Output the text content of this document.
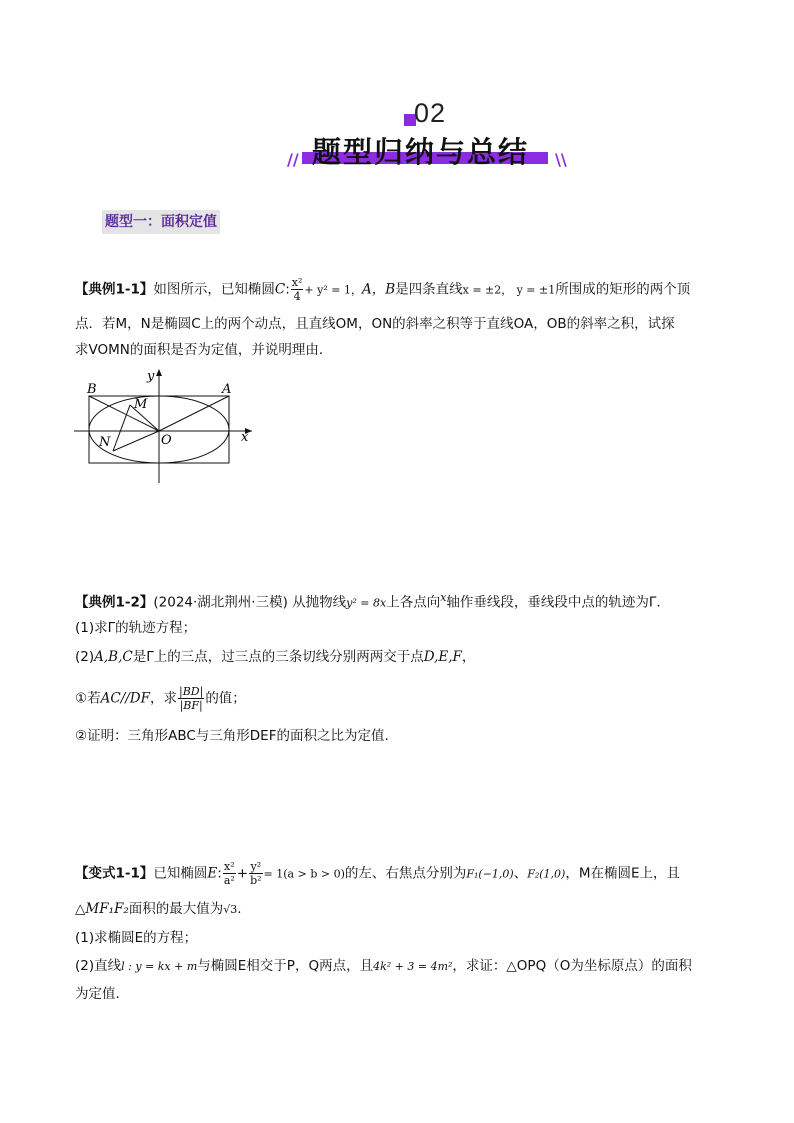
02
题型归纳与总结
//	\\
题型一：面积定值
【典例1-1】如图所示，已知椭圆C: $\frac{\text{x²}}{4} + y^2 = 1$，A，B是四条直线x = ±2， y = ±1所围成的矩形的两个顶
点．若M，N是椭圆C上的两个动点，且直线OM，ON的斜率之积等于直线OA，OB的斜率之积，试探
求VOMN的面积是否为定值，并说明理由．
B	A
M
N	O	x
y
【典例1-2】(2024·湖北荆州·三模) 从抛物线y² = 8x上各点向$^x$轴作垂线段，垂线段中点的轨迹为Γ．
(1)求Γ的轨迹方程；
(2)A,B,C是Γ上的三点，过三点的三条切线分别两两交于点D,E,F，
①若AC//DF，求 $\frac{|BD|}{|BF|}$ 的值；
②证明：三角形ABC与三角形DEF的面积之比为定值.
【变式1-1】已知椭圆E: $\frac{\text{x²}}{\text{a²}} + \frac{\text{y²}}{\text{b²}} = 1(a > b > 0)$的左、右焦点分别为F₁(−1,0)、F₂(1,0)，M在椭圆E上，且
△MF₁F₂面积的最大值为√3.
(1)求椭圆E的方程；
(2)直线l : y = kx + m与椭圆E相交于P，Q两点，且4k² + 3 = 4m²，求证：△OPQ（O为坐标原点）的面积
为定值.
